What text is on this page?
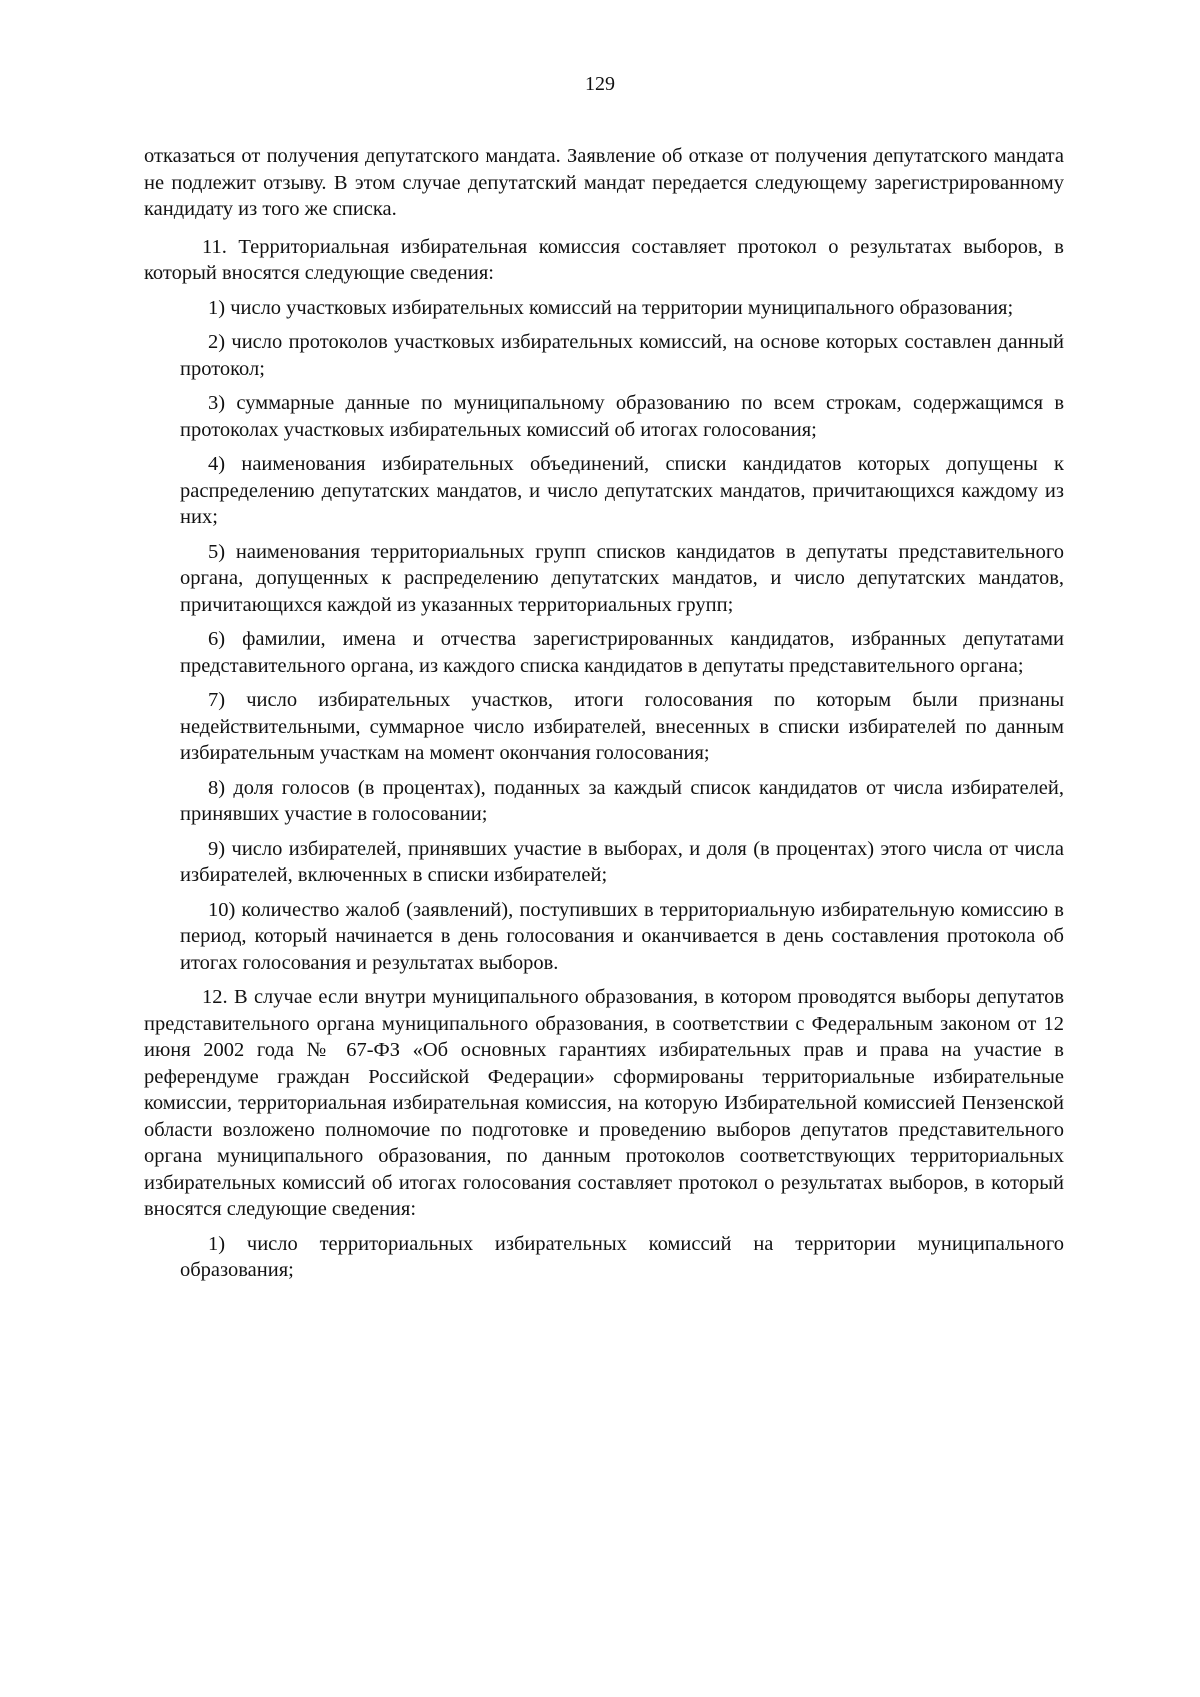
129

отказаться от получения депутатского мандата. Заявление об отказе от получения депутатского мандата не подлежит отзыву. В этом случае депутатский мандат передается следующему зарегистрированному кандидату из того же списка.

11. Территориальная избирательная комиссия составляет протокол о результатах выборов, в который вносятся следующие сведения:

1) число участковых избирательных комиссий на территории муниципального образования;

2) число протоколов участковых избирательных комиссий, на основе которых составлен данный протокол;

3) суммарные данные по муниципальному образованию по всем строкам, содержащимся в протоколах участковых избирательных комиссий об итогах голосования;

4) наименования избирательных объединений, списки кандидатов которых допущены к распределению депутатских мандатов, и число депутатских мандатов, причитающихся каждому из них;

5) наименования территориальных групп списков кандидатов в депутаты представительного органа, допущенных к распределению депутатских мандатов, и число депутатских мандатов, причитающихся каждой из указанных территориальных групп;

6) фамилии, имена и отчества зарегистрированных кандидатов, избранных депутатами представительного органа, из каждого списка кандидатов в депутаты представительного органа;

7) число избирательных участков, итоги голосования по которым были признаны недействительными, суммарное число избирателей, внесенных в списки избирателей по данным избирательным участкам на момент окончания голосования;

8) доля голосов (в процентах), поданных за каждый список кандидатов от числа избирателей, принявших участие в голосовании;

9) число избирателей, принявших участие в выборах, и доля (в процентах) этого числа от числа избирателей, включенных в списки избирателей;

10) количество жалоб (заявлений), поступивших в территориальную избирательную комиссию в период, который начинается в день голосования и оканчивается в день составления протокола об итогах голосования и результатах выборов.

12. В случае если внутри муниципального образования, в котором проводятся выборы депутатов представительного органа муниципального образования, в соответствии с Федеральным законом от 12 июня 2002 года № 67-ФЗ «Об основных гарантиях избирательных прав и права на участие в референдуме граждан Российской Федерации» сформированы территориальные избирательные комиссии, территориальная избирательная комиссия, на которую Избирательной комиссией Пензенской области возложено полномочие по подготовке и проведению выборов депутатов представительного органа муниципального образования, по данным протоколов соответствующих территориальных избирательных комиссий об итогах голосования составляет протокол о результатах выборов, в который вносятся следующие сведения:

1) число территориальных избирательных комиссий на территории муниципального образования;
